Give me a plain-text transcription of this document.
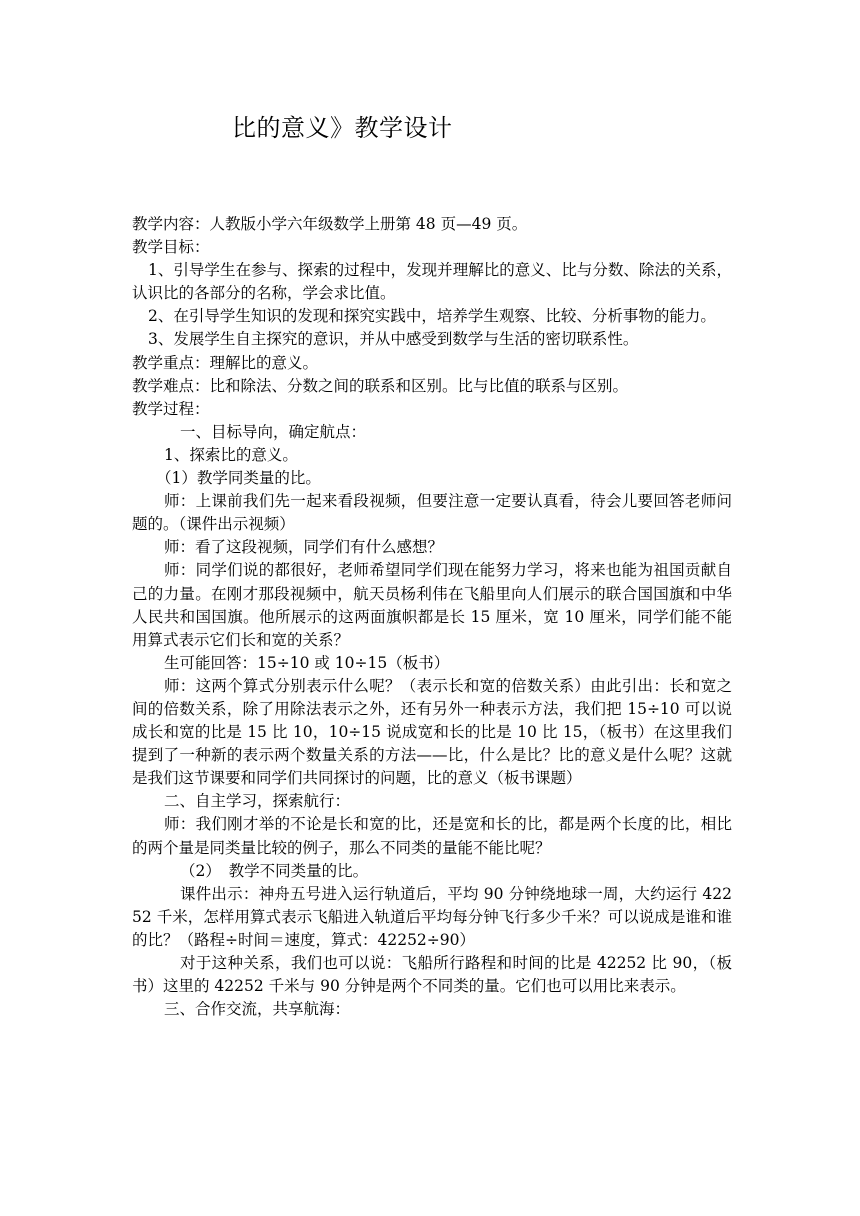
比的意义》教学设计

教学内容：人教版小学六年级数学上册第 48 页—49 页。

教学目标：

1、引导学生在参与、探索的过程中，发现并理解比的意义、比与分数、除法的关系，认识比的各部分的名称，学会求比值。

2、在引导学生知识的发现和探究实践中，培养学生观察、比较、分析事物的能力。

3、发展学生自主探究的意识，并从中感受到数学与生活的密切联系性。

教学重点：理解比的意义。

教学难点：比和除法、分数之间的联系和区别。比与比值的联系与区别。

教学过程：

一、目标导向，确定航点：

1、探索比的意义。

（1）教学同类量的比。

师：上课前我们先一起来看段视频，但要注意一定要认真看，待会儿要回答老师问题的。（课件出示视频）

师：看了这段视频，同学们有什么感想？

师：同学们说的都很好，老师希望同学们现在能努力学习，将来也能为祖国贡献自己的力量。在刚才那段视频中，航天员杨利伟在飞船里向人们展示的联合国国旗和中华人民共和国国旗。他所展示的这两面旗帜都是长 15 厘米，宽 10 厘米，同学们能不能用算式表示它们长和宽的关系？

生可能回答：15÷10 或 10÷15（板书）

师：这两个算式分别表示什么呢？（表示长和宽的倍数关系）由此引出：长和宽之间的倍数关系，除了用除法表示之外，还有另外一种表示方法，我们把 15÷10 可以说成长和宽的比是 15 比 10，10÷15 说成宽和长的比是 10 比 15，（板书）在这里我们提到了一种新的表示两个数量关系的方法——比，什么是比？比的意义是什么呢？这就是我们这节课要和同学们共同探讨的问题，比的意义（板书课题）

二、自主学习，探索航行：

师：我们刚才举的不论是长和宽的比，还是宽和长的比，都是两个长度的比，相比的两个量是同类量比较的例子，那么不同类的量能不能比呢？

（2）　教学不同类量的比。

课件出示：神舟五号进入运行轨道后，平均 90 分钟绕地球一周，大约运行 42252 千米，怎样用算式表示飞船进入轨道后平均每分钟飞行多少千米？可以说成是谁和谁的比？（路程÷时间＝速度，算式：42252÷90）

对于这种关系，我们也可以说：飞船所行路程和时间的比是 42252 比 90，（板书）这里的 42252 千米与 90 分钟是两个不同类的量。它们也可以用比来表示。

三、合作交流，共享航海：
